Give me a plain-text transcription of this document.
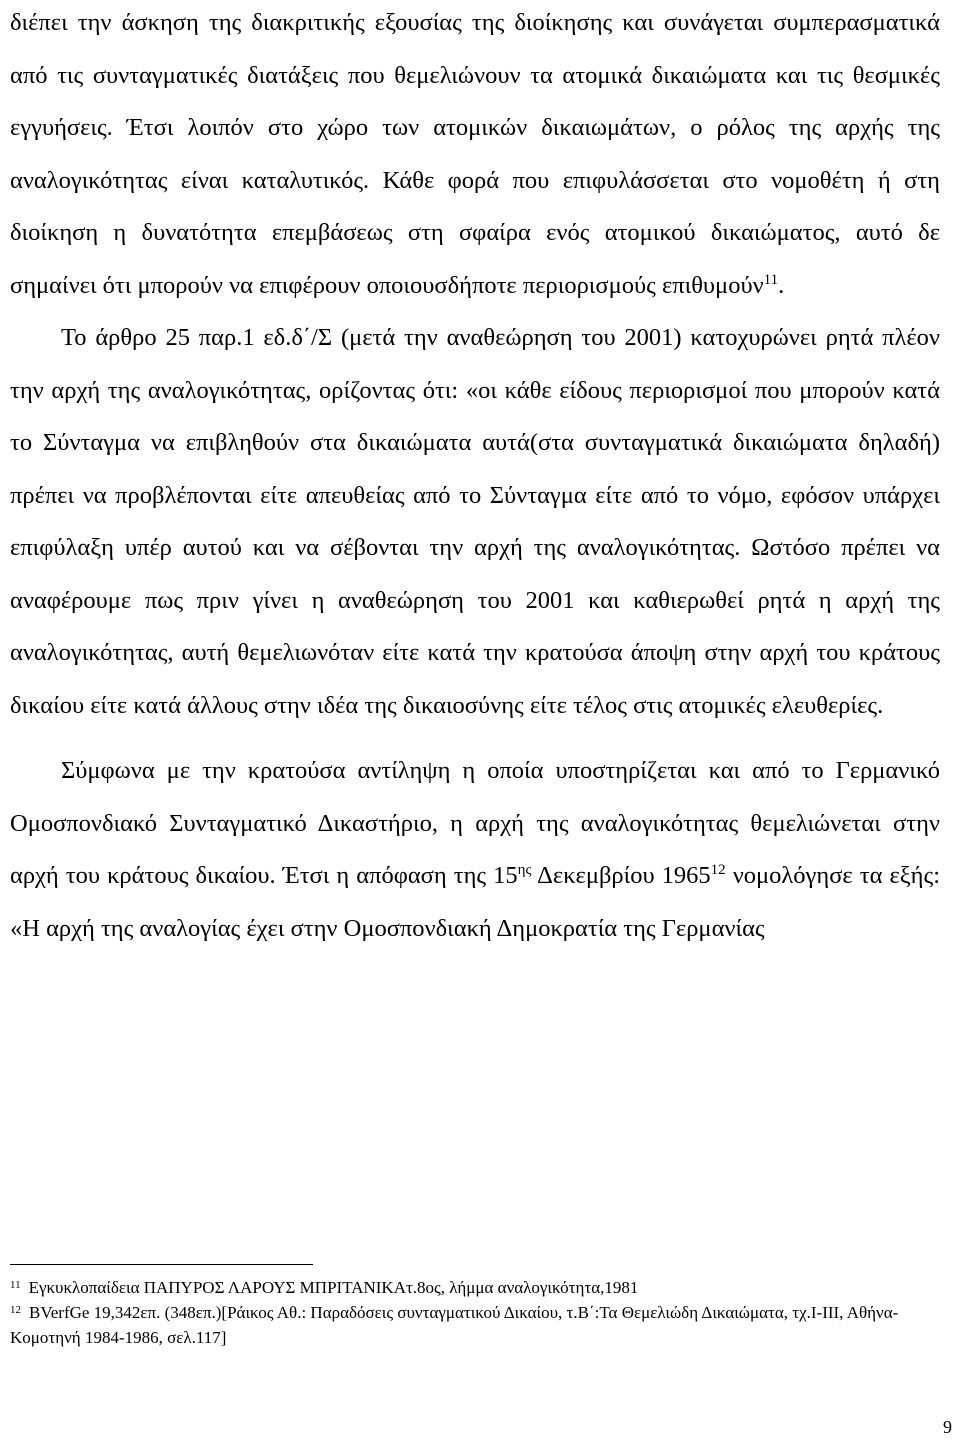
διέπει την άσκηση της διακριτικής εξουσίας της διοίκησης και συνάγεται συμπερασματικά από τις συνταγματικές διατάξεις που θεμελιώνουν τα ατομικά δικαιώματα και τις θεσμικές εγγυήσεις. Έτσι λοιπόν στο χώρο των ατομικών δικαιωμάτων, ο ρόλος της αρχής της αναλογικότητας είναι καταλυτικός. Κάθε φορά που επιφυλάσσεται στο νομοθέτη ή στη διοίκηση η δυνατότητα επεμβάσεως στη σφαίρα ενός ατομικού δικαιώματος, αυτό δε σημαίνει ότι μπορούν να επιφέρουν οποιουσδήποτε περιορισμούς επιθυμούν$^{11}$.

Το άρθρο 25 παρ.1 εδ.δ΄/Σ (μετά την αναθεώρηση του 2001) κατοχυρώνει ρητά πλέον την αρχή της αναλογικότητας, ορίζοντας ότι: «οι κάθε είδους περιορισμοί που μπορούν κατά το Σύνταγμα να επιβληθούν στα δικαιώματα αυτά(στα συνταγματικά δικαιώματα δηλαδή) πρέπει να προβλέπονται είτε απευθείας από το Σύνταγμα είτε από το νόμο, εφόσον υπάρχει επιφύλαξη υπέρ αυτού και να σέβονται την αρχή της αναλογικότητας. Ωστόσο πρέπει να αναφέρουμε πως πριν γίνει η αναθεώρηση του 2001 και καθιερωθεί ρητά η αρχή της αναλογικότητας, αυτή θεμελιωνόταν είτε κατά την κρατούσα άποψη στην αρχή του κράτους δικαίου είτε κατά άλλους στην ιδέα της δικαιοσύνης είτε τέλος στις ατομικές ελευθερίες.

Σύμφωνα με την κρατούσα αντίληψη η οποία υποστηρίζεται και από το Γερμανικό Ομοσπονδιακό Συνταγματικό Δικαστήριο, η αρχή της αναλογικότητας θεμελιώνεται στην αρχή του κράτους δικαίου. Έτσι η απόφαση της $15^{\eta\varsigma}$ Δεκεμβρίου 1965$^{12}$ νομολόγησε τα εξής: «Η αρχή της αναλογίας έχει στην Ομοσπονδιακή Δημοκρατία της Γερμανίας

$^{11}$ Εγκυκλοπαίδεια ΠΑΠΥΡΟΣ ΛΑΡΟΥΣ ΜΠΡΙΤΑΝΙΚΑτ.8ος, λήμμα αναλογικότητα,1981

$^{12}$ BVerfGe 19,342επ. (348επ.)[Ράικος Αθ.: Παραδόσεις συνταγματικού Δικαίου, τ.Β΄:Τα Θεμελιώδη Δικαιώματα, τχ.Ι-ΙΙΙ, Αθήνα-Κομοτηνή 1984-1986, σελ.117]

9
